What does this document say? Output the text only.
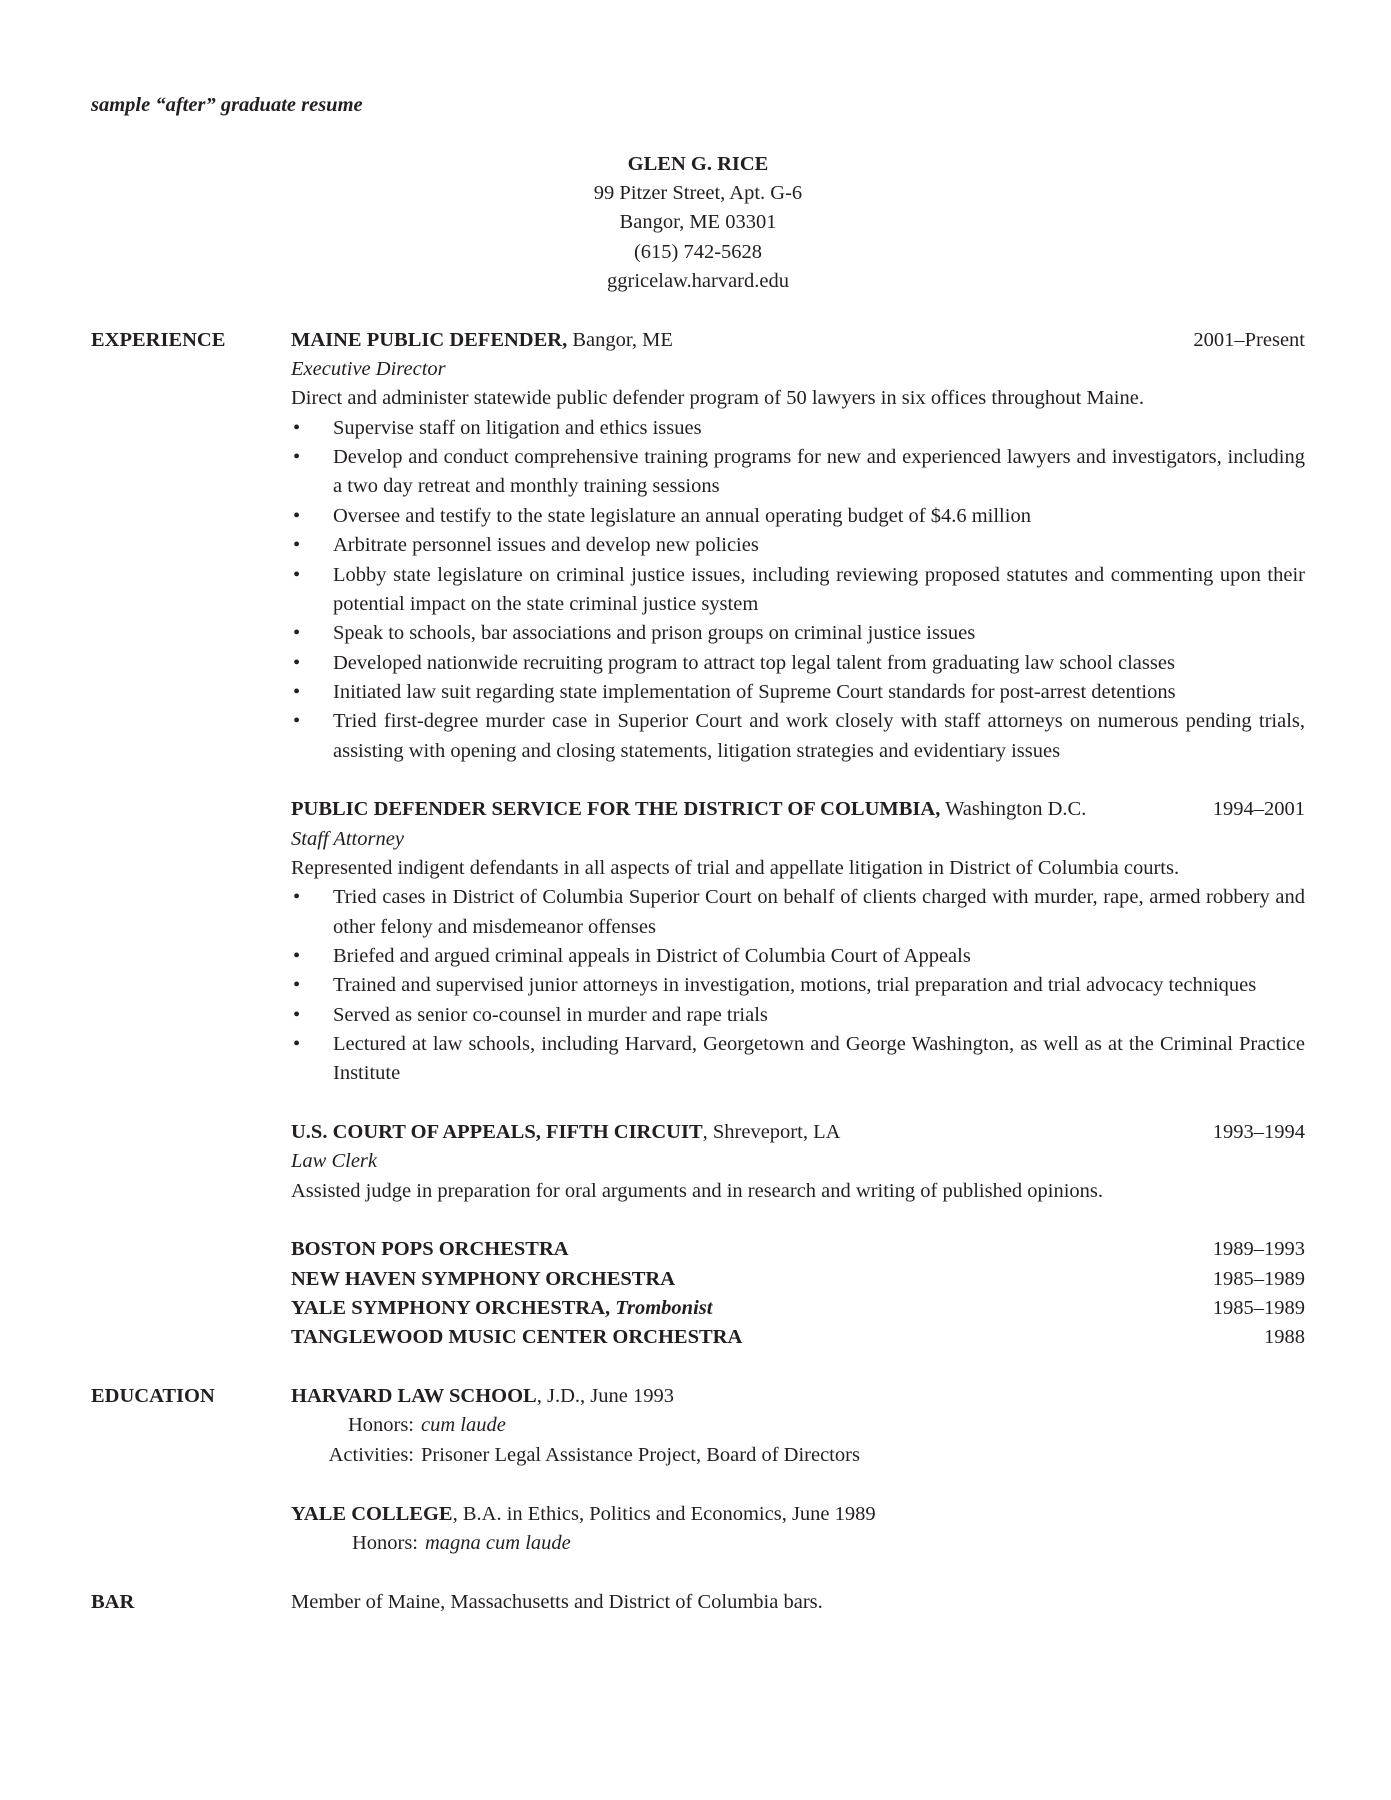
sample “after” graduate resume
GLEN G. RICE
99 Pitzer Street, Apt. G-6
Bangor, ME 03301
(615) 742-5628
ggricelaw.harvard.edu
EXPERIENCE	MAINE PUBLIC DEFENDER, Bangor, ME	2001–Present
Executive Director
Direct and administer statewide public defender program of 50 lawyers in six offices throughout Maine.
• Supervise staff on litigation and ethics issues
• Develop and conduct comprehensive training programs for new and experienced lawyers and investigators, including a two day retreat and monthly training sessions
• Oversee and testify to the state legislature an annual operating budget of $4.6 million
• Arbitrate personnel issues and develop new policies
• Lobby state legislature on criminal justice issues, including reviewing proposed statutes and commenting upon their potential impact on the state criminal justice system
• Speak to schools, bar associations and prison groups on criminal justice issues
• Developed nationwide recruiting program to attract top legal talent from graduating law school classes
• Initiated law suit regarding state implementation of Supreme Court standards for post-arrest detentions
• Tried first-degree murder case in Superior Court and work closely with staff attorneys on numerous pending trials, assisting with opening and closing statements, litigation strategies and evidentiary issues
PUBLIC DEFENDER SERVICE FOR THE DISTRICT OF COLUMBIA, Washington D.C.	1994–2001
Staff Attorney
Represented indigent defendants in all aspects of trial and appellate litigation in District of Columbia courts.
• Tried cases in District of Columbia Superior Court on behalf of clients charged with murder, rape, armed robbery and other felony and misdemeanor offenses
• Briefed and argued criminal appeals in District of Columbia Court of Appeals
• Trained and supervised junior attorneys in investigation, motions, trial preparation and trial advocacy techniques
• Served as senior co-counsel in murder and rape trials
• Lectured at law schools, including Harvard, Georgetown and George Washington, as well as at the Criminal Practice Institute
U.S. COURT OF APPEALS, FIFTH CIRCUIT, Shreveport, LA	1993–1994
Law Clerk
Assisted judge in preparation for oral arguments and in research and writing of published opinions.
BOSTON POPS ORCHESTRA	1989–1993
NEW HAVEN SYMPHONY ORCHESTRA	1985–1989
YALE SYMPHONY ORCHESTRA, Trombonist	1985–1989
TANGLEWOOD MUSIC CENTER ORCHESTRA	1988
EDUCATION	HARVARD LAW SCHOOL, J.D., June 1993
Honors: cum laude
Activities: Prisoner Legal Assistance Project, Board of Directors
YALE COLLEGE, B.A. in Ethics, Politics and Economics, June 1989
Honors: magna cum laude
BAR	Member of Maine, Massachusetts and District of Columbia bars.
